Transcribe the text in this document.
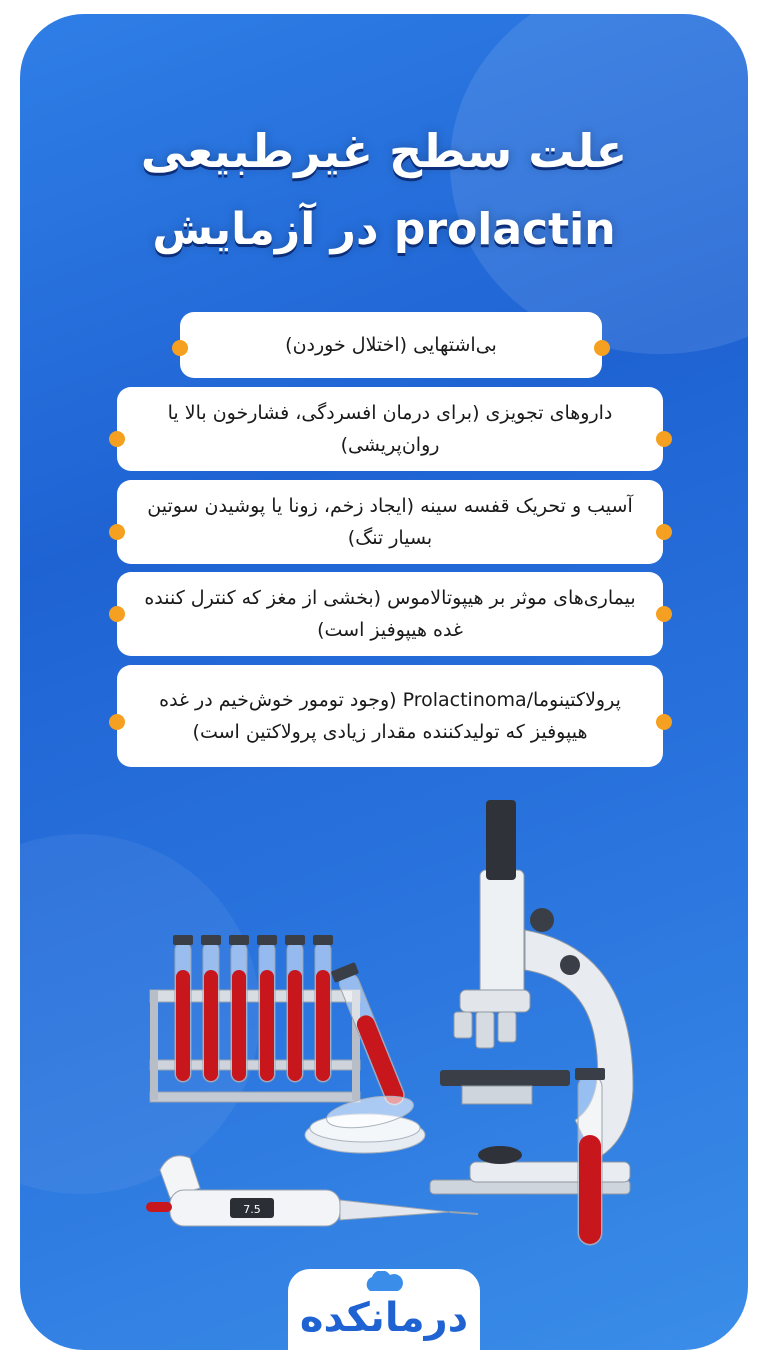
علت سطح غیرطبیعی
prolactin در آزمایش
بی‌اشتهایی (اختلال خوردن)
داروهای تجویزی (برای درمان افسردگی، فشارخون بالا یا روان‌پریشی)
آسیب و تحریک قفسه سینه (ایجاد زخم، زونا یا پوشیدن سوتین بسیار تنگ)
بیماری‌های موثر بر هیپوتالاموس (بخشی از مغز که کنترل کننده غده هیپوفیز است)
پرولاکتینوما/Prolactinoma (وجود تومور خوش‌خیم در غده هیپوفیز که تولیدکننده مقدار زیادی پرولاکتین است)
7.5
درمانکده
